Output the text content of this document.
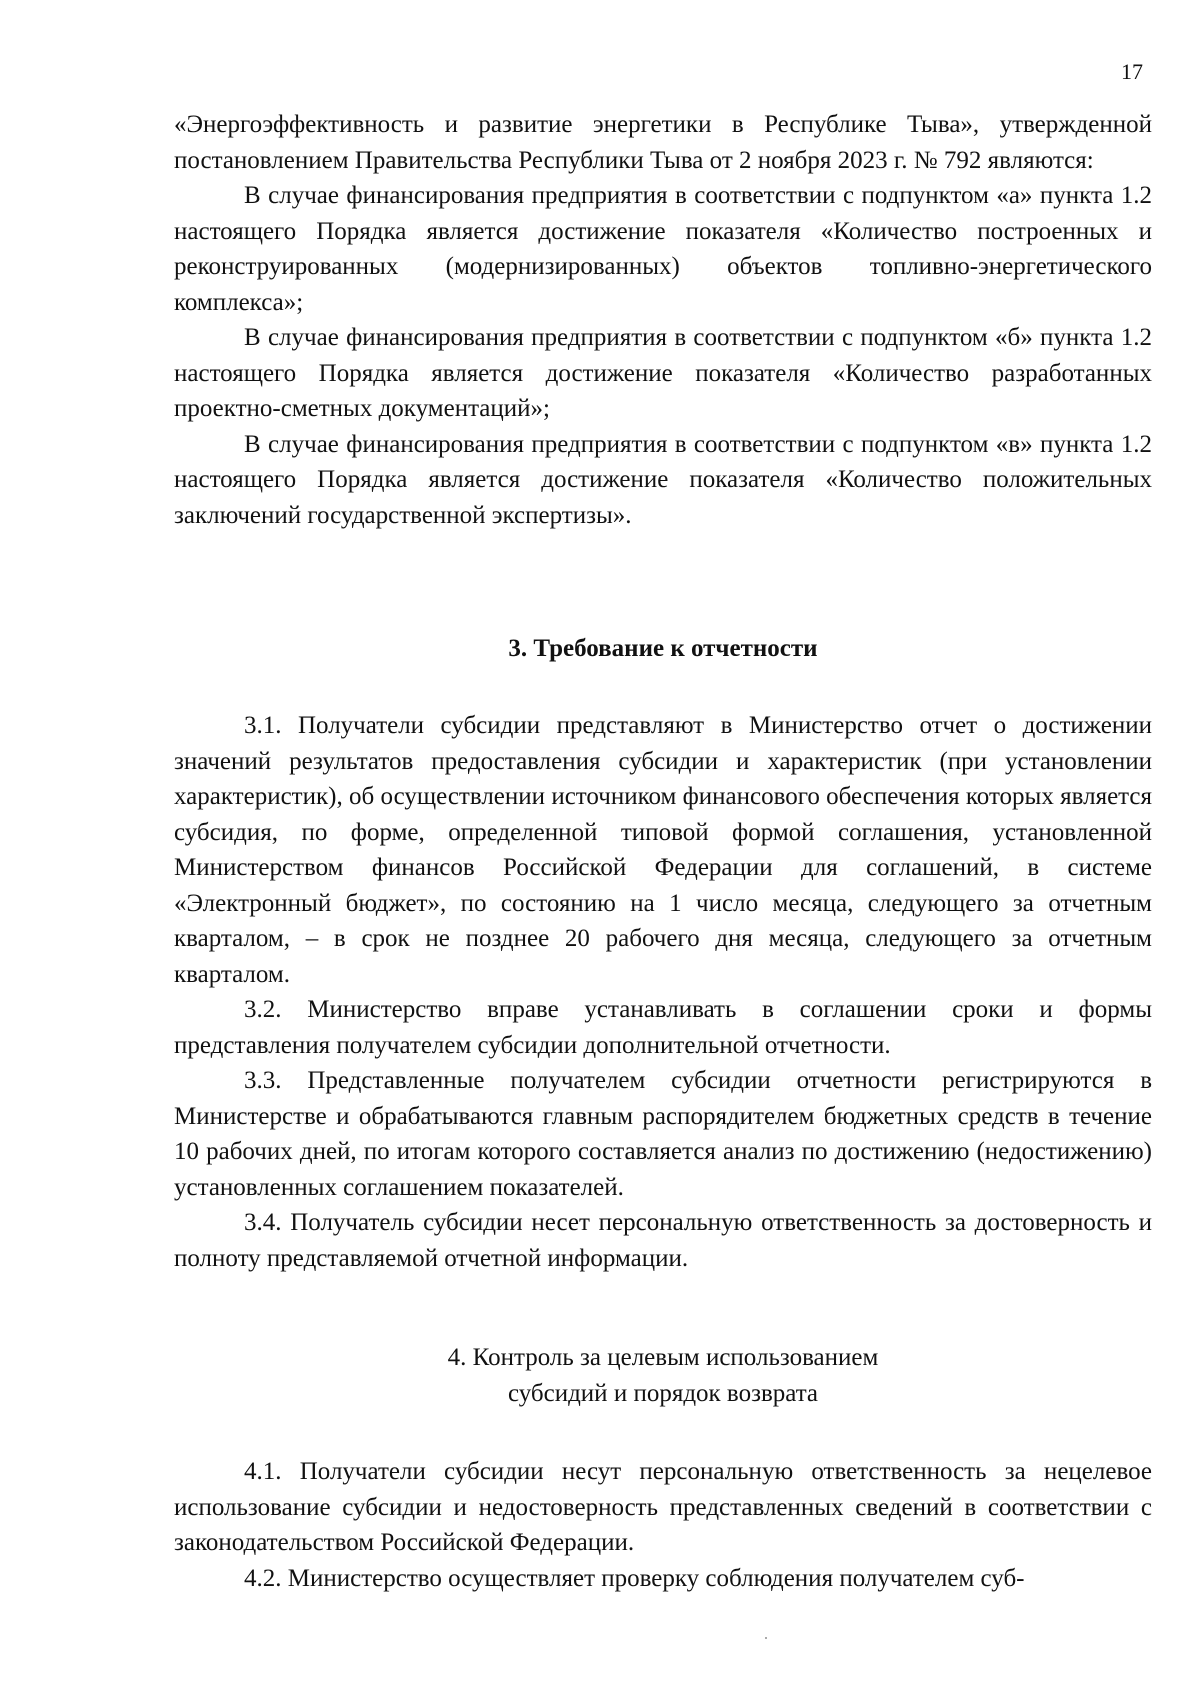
17

«Энергоэффективность и развитие энергетики в Республике Тыва», утвержденной постановлением Правительства Республики Тыва от 2 ноября 2023 г. № 792 являются:

В случае финансирования предприятия в соответствии с подпунктом «а» пункта 1.2 настоящего Порядка является достижение показателя «Количество построенных и реконструированных (модернизированных) объектов топливно-энергетического комплекса»;

В случае финансирования предприятия в соответствии с подпунктом «б» пункта 1.2 настоящего Порядка является достижение показателя «Количество разработанных проектно-сметных документаций»;

В случае финансирования предприятия в соответствии с подпунктом «в» пункта 1.2 настоящего Порядка является достижение показателя «Количество положительных заключений государственной экспертизы».

3. Требование к отчетности

3.1. Получатели субсидии представляют в Министерство отчет о достижении значений результатов предоставления субсидии и характеристик (при установлении характеристик), об осуществлении источником финансового обеспечения которых является субсидия, по форме, определенной типовой формой соглашения, установленной Министерством финансов Российской Федерации для соглашений, в системе «Электронный бюджет», по состоянию на 1 число месяца, следующего за отчетным кварталом, – в срок не позднее 20 рабочего дня месяца, следующего за отчетным кварталом.

3.2. Министерство вправе устанавливать в соглашении сроки и формы представления получателем субсидии дополнительной отчетности.

3.3. Представленные получателем субсидии отчетности регистрируются в Министерстве и обрабатываются главным распорядителем бюджетных средств в течение 10 рабочих дней, по итогам которого составляется анализ по достижению (недостижению) установленных соглашением показателей.

3.4. Получатель субсидии несет персональную ответственность за достоверность и полноту представляемой отчетной информации.

4. Контроль за целевым использованием

субсидий и порядок возврата

4.1. Получатели субсидии несут персональную ответственность за нецелевое использование субсидии и недостоверность представленных сведений в соответствии с законодательством Российской Федерации.

4.2. Министерство осуществляет проверку соблюдения получателем суб-
